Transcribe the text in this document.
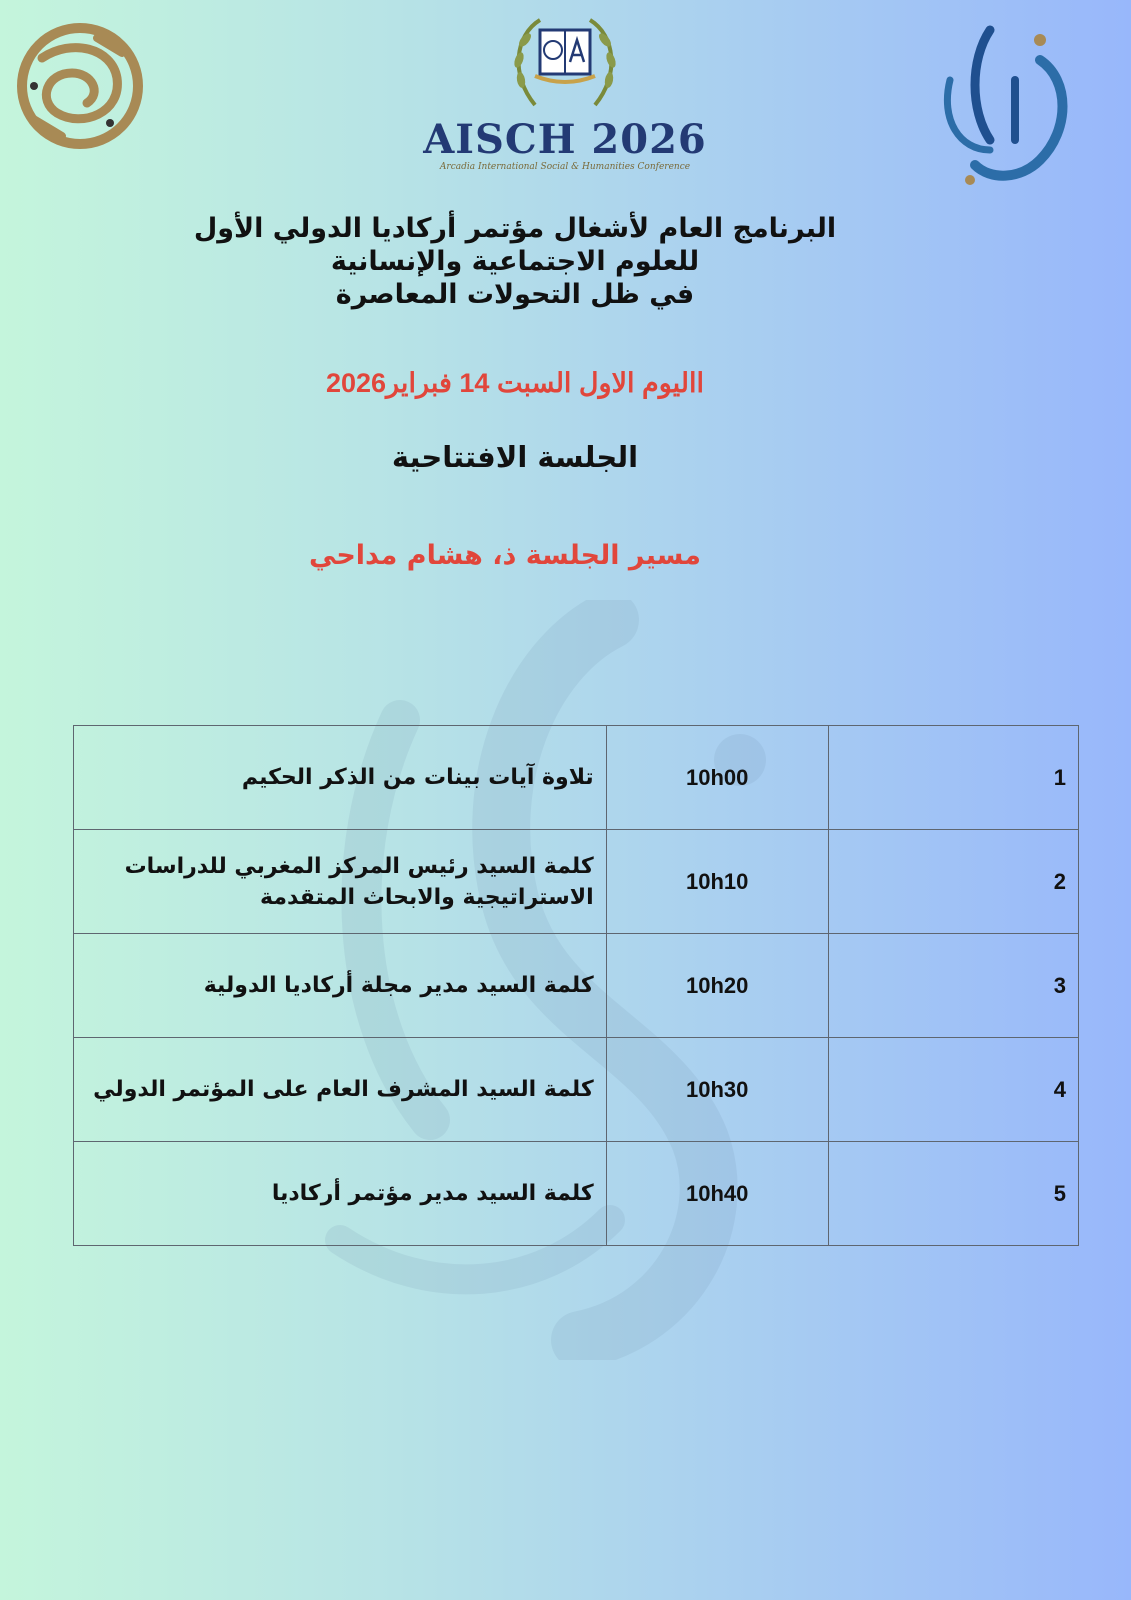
AISCH 2026
Arcadia International Social & Humanities Conference
البرنامج العام لأشغال مؤتمر أركاديا الدولي الأول
للعلوم الاجتماعية والإنسانية
في ظل التحولات المعاصرة
االيوم الاول السبت 14 فبراير2026
الجلسة الافتتاحية
مسير الجلسة ذ، هشام مداحي
تلاوة آيات بينات من الذكر الحكيم	10h00	1
كلمة السيد رئيس المركز المغربي للدراسات الاستراتيجية والابحاث المتقدمة	10h10	2
كلمة السيد مدير مجلة أركاديا الدولية	10h20	3
كلمة السيد المشرف العام على المؤتمر الدولي	10h30	4
كلمة السيد مدير مؤتمر أركاديا	10h40	5
